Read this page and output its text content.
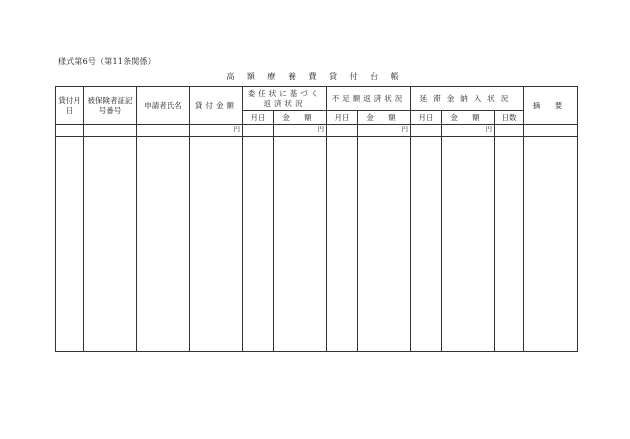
様式第6号（第11条関係）
高 額 療 養 費 貸 付 台 帳
貸付月日	被保険者証記号番号	申請者氏名	貸付金額	委任状に基づく返済状況		不足額返済状況		延滞金納入状況			摘 要
				月日	金 額	月日	金 額	月日	金 額	日数	
			円		円		円		円		
